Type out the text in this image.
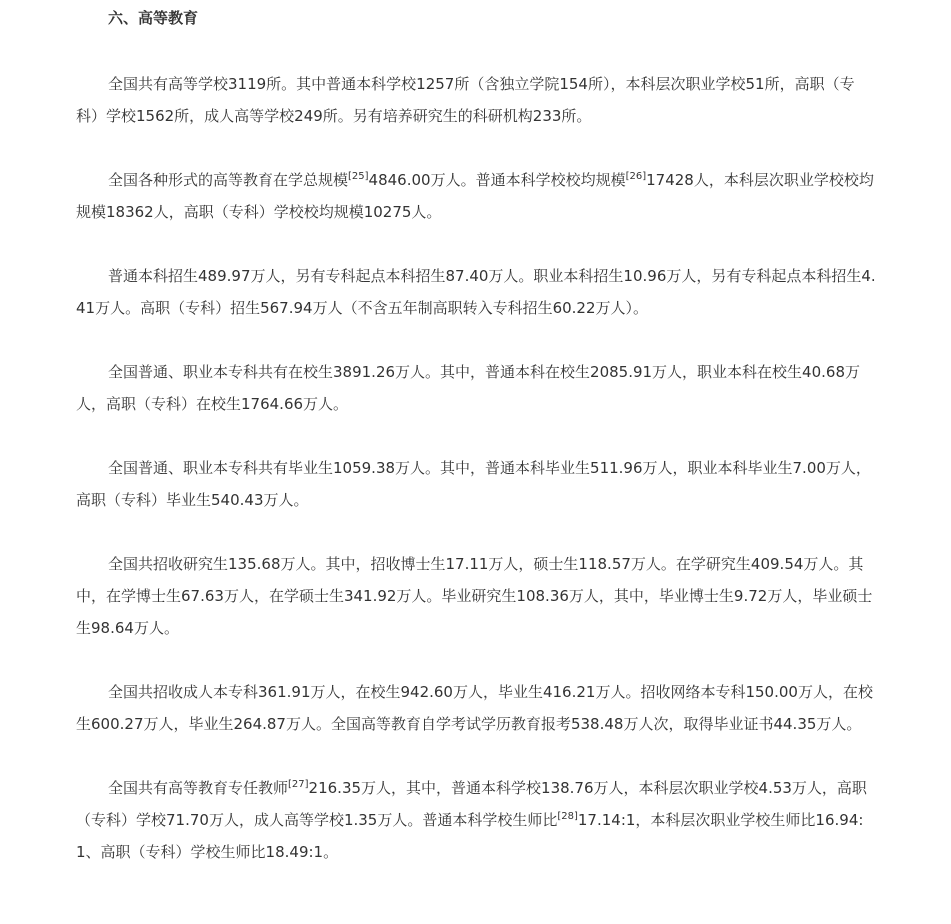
六、高等教育

全国共有高等学校3119所。其中普通本科学校1257所（含独立学院154所），本科层次职业学校51所，高职（专科）学校1562所，成人高等学校249所。另有培养研究生的科研机构233所。

全国各种形式的高等教育在学总规模[25]4846.00万人。普通本科学校校均规模[26]17428人，本科层次职业学校校均规模18362人，高职（专科）学校校均规模10275人。

普通本科招生489.97万人，另有专科起点本科招生87.40万人。职业本科招生10.96万人，另有专科起点本科招生4.41万人。高职（专科）招生567.94万人（不含五年制高职转入专科招生60.22万人）。

全国普通、职业本专科共有在校生3891.26万人。其中，普通本科在校生2085.91万人，职业本科在校生40.68万人，高职（专科）在校生1764.66万人。

全国普通、职业本专科共有毕业生1059.38万人。其中，普通本科毕业生511.96万人，职业本科毕业生7.00万人，高职（专科）毕业生540.43万人。

全国共招收研究生135.68万人。其中，招收博士生17.11万人，硕士生118.57万人。在学研究生409.54万人。其中，在学博士生67.63万人，在学硕士生341.92万人。毕业研究生108.36万人，其中，毕业博士生9.72万人，毕业硕士生98.64万人。

全国共招收成人本专科361.91万人，在校生942.60万人，毕业生416.21万人。招收网络本专科150.00万人，在校生600.27万人，毕业生264.87万人。全国高等教育自学考试学历教育报考538.48万人次，取得毕业证书44.35万人。

全国共有高等教育专任教师[27]216.35万人，其中，普通本科学校138.76万人，本科层次职业学校4.53万人，高职（专科）学校71.70万人，成人高等学校1.35万人。普通本科学校生师比[28]17.14:1，本科层次职业学校生师比16.94:1、高职（专科）学校生师比18.49:1。
